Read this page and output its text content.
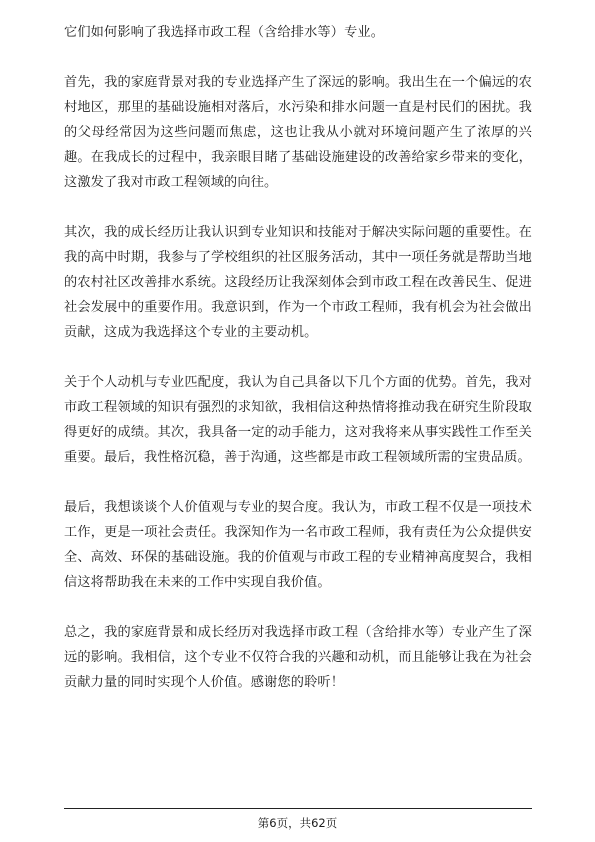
它们如何影响了我选择市政工程（含给排水等）专业。

首先，我的家庭背景对我的专业选择产生了深远的影响。我出生在一个偏远的农村地区，那里的基础设施相对落后，水污染和排水问题一直是村民们的困扰。我的父母经常因为这些问题而焦虑，这也让我从小就对环境问题产生了浓厚的兴趣。在我成长的过程中，我亲眼目睹了基础设施建设的改善给家乡带来的变化，这激发了我对市政工程领域的向往。

其次，我的成长经历让我认识到专业知识和技能对于解决实际问题的重要性。在我的高中时期，我参与了学校组织的社区服务活动，其中一项任务就是帮助当地的农村社区改善排水系统。这段经历让我深刻体会到市政工程在改善民生、促进社会发展中的重要作用。我意识到，作为一个市政工程师，我有机会为社会做出贡献，这成为我选择这个专业的主要动机。

关于个人动机与专业匹配度，我认为自己具备以下几个方面的优势。首先，我对市政工程领域的知识有强烈的求知欲，我相信这种热情将推动我在研究生阶段取得更好的成绩。其次，我具备一定的动手能力，这对我将来从事实践性工作至关重要。最后，我性格沉稳，善于沟通，这些都是市政工程领域所需的宝贵品质。

最后，我想谈谈个人价值观与专业的契合度。我认为，市政工程不仅是一项技术工作，更是一项社会责任。我深知作为一名市政工程师，我有责任为公众提供安全、高效、环保的基础设施。我的价值观与市政工程的专业精神高度契合，我相信这将帮助我在未来的工作中实现自我价值。

总之，我的家庭背景和成长经历对我选择市政工程（含给排水等）专业产生了深远的影响。我相信，这个专业不仅符合我的兴趣和动机，而且能够让我在为社会贡献力量的同时实现个人价值。感谢您的聆听！

第6页，共62页
